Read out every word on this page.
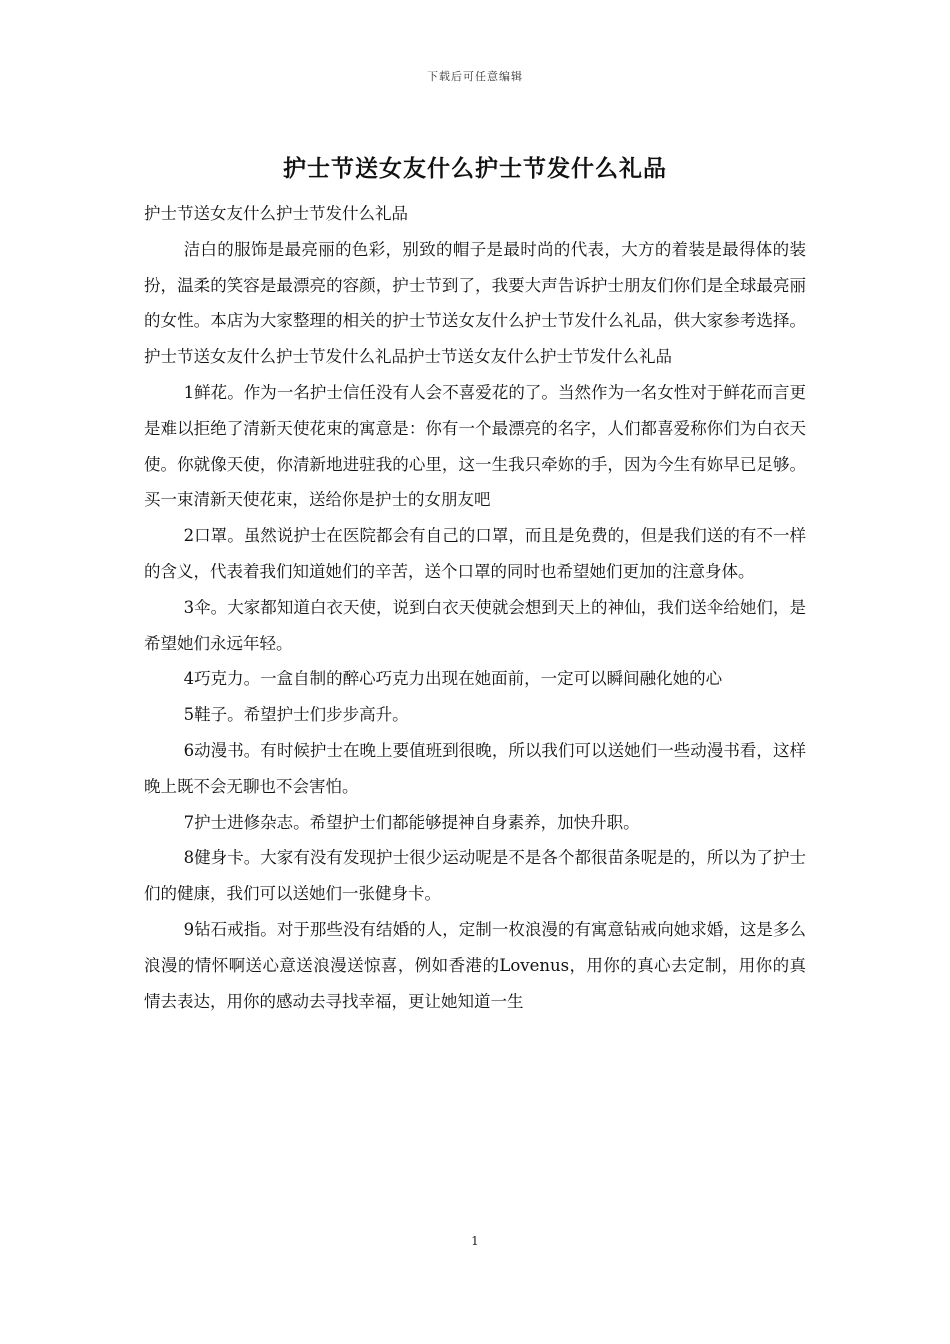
下载后可任意编辑
护士节送女友什么护士节发什么礼品

护士节送女友什么护士节发什么礼品

洁白的服饰是最亮丽的色彩，别致的帽子是最时尚的代表，大方的着装是最得体的装扮，温柔的笑容是最漂亮的容颜，护士节到了，我要大声告诉护士朋友们你们是全球最亮丽的女性。本店为大家整理的相关的护士节送女友什么护士节发什么礼品，供大家参考选择。护士节送女友什么护士节发什么礼品护士节送女友什么护士节发什么礼品

1鲜花。作为一名护士信任没有人会不喜爱花的了。当然作为一名女性对于鲜花而言更是难以拒绝了清新天使花束的寓意是：你有一个最漂亮的名字，人们都喜爱称你们为白衣天使。你就像天使，你清新地进驻我的心里，这一生我只牵妳的手，因为今生有妳早已足够。买一束清新天使花束，送给你是护士的女朋友吧

2口罩。虽然说护士在医院都会有自己的口罩，而且是免费的，但是我们送的有不一样的含义，代表着我们知道她们的辛苦，送个口罩的同时也希望她们更加的注意身体。

3伞。大家都知道白衣天使，说到白衣天使就会想到天上的神仙，我们送伞给她们，是希望她们永远年轻。

4巧克力。一盒自制的醉心巧克力出现在她面前，一定可以瞬间融化她的心

5鞋子。希望护士们步步高升。

6动漫书。有时候护士在晚上要值班到很晚，所以我们可以送她们一些动漫书看，这样晚上既不会无聊也不会害怕。

7护士进修杂志。希望护士们都能够提神自身素养，加快升职。

8健身卡。大家有没有发现护士很少运动呢是不是各个都很苗条呢是的，所以为了护士们的健康，我们可以送她们一张健身卡。

9钻石戒指。对于那些没有结婚的人，定制一枚浪漫的有寓意钻戒向她求婚，这是多么浪漫的情怀啊送心意送浪漫送惊喜，例如香港的Lovenus，用你的真心去定制，用你的真情去表达，用你的感动去寻找幸福，更让她知道一生

1
